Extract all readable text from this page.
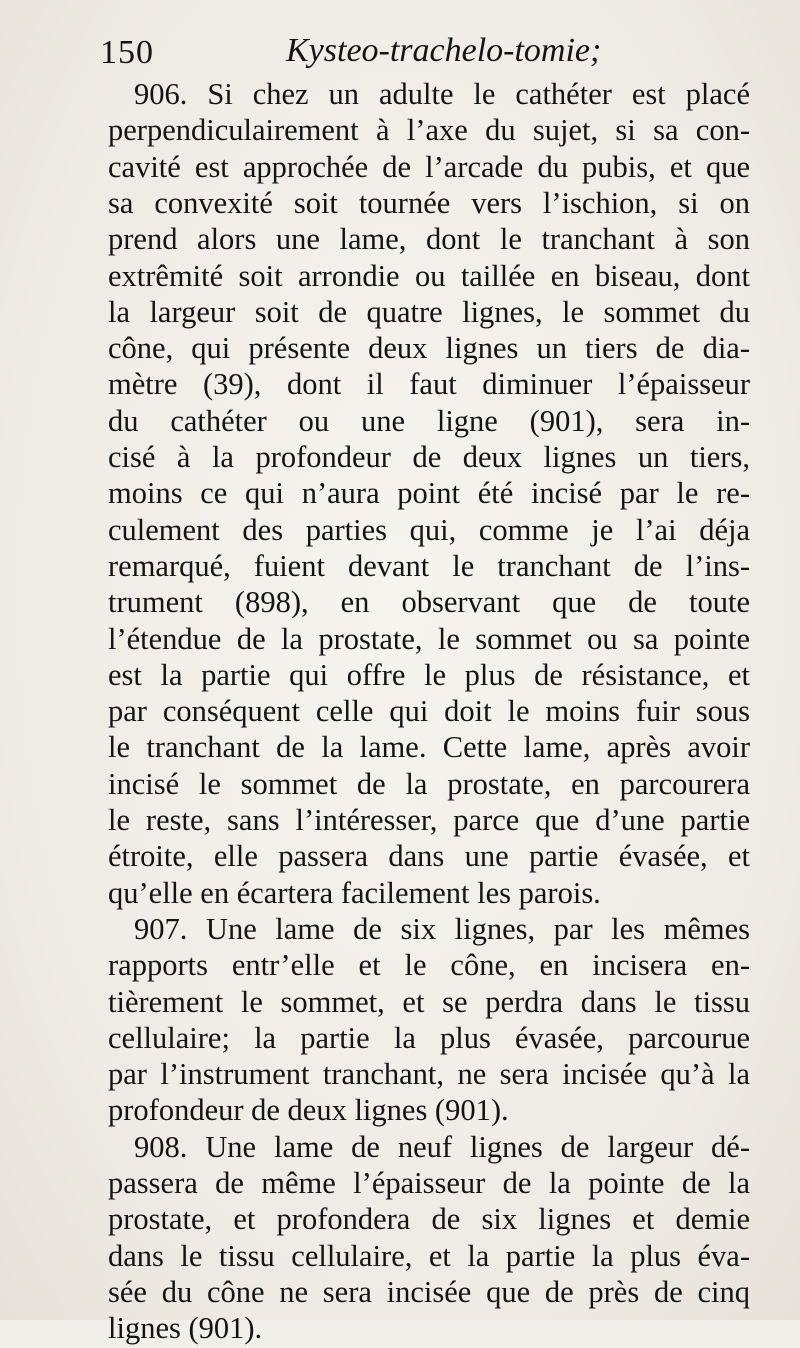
150	Kysteo-trachelo-tomie;
906. Si chez un adulte le cathéter est placé
perpendiculairement à l’axe du sujet, si sa con-
cavité est approchée de l’arcade du pubis, et que
sa convexité soit tournée vers l’ischion, si on
prend alors une lame, dont le tranchant à son
extrêmité soit arrondie ou taillée en biseau, dont
la largeur soit de quatre lignes, le sommet du
cône, qui présente deux lignes un tiers de dia-
mètre (39), dont il faut diminuer l’épaisseur
du cathéter ou une ligne (901), sera in-
cisé à la profondeur de deux lignes un tiers,
moins ce qui n’aura point été incisé par le re-
culement des parties qui, comme je l’ai déja
remarqué, fuient devant le tranchant de l’ins-
trument (898), en observant que de toute
l’étendue de la prostate, le sommet ou sa pointe
est la partie qui offre le plus de résistance, et
par conséquent celle qui doit le moins fuir sous
le tranchant de la lame. Cette lame, après avoir
incisé le sommet de la prostate, en parcourera
le reste, sans l’intéresser, parce que d’une partie
étroite, elle passera dans une partie évasée, et
qu’elle en écartera facilement les parois.
907. Une lame de six lignes, par les mêmes
rapports entr’elle et le cône, en incisera en-
tièrement le sommet, et se perdra dans le tissu
cellulaire; la partie la plus évasée, parcourue
par l’instrument tranchant, ne sera incisée qu’à la
profondeur de deux lignes (901).
908. Une lame de neuf lignes de largeur dé-
passera de même l’épaisseur de la pointe de la
prostate, et profondera de six lignes et demie
dans le tissu cellulaire, et la partie la plus éva-
sée du cône ne sera incisée que de près de cinq
lignes (901).
